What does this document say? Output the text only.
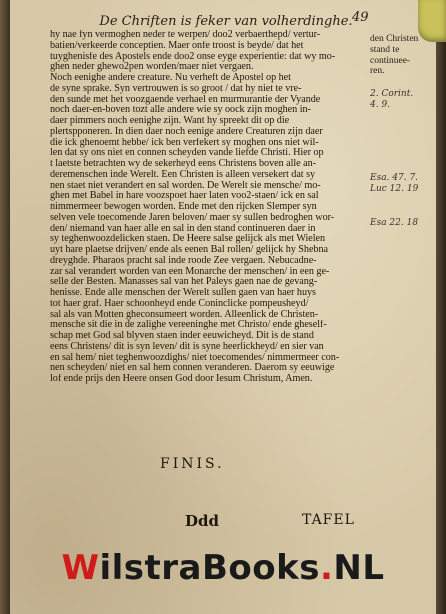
De Chriften is feker van volherdinghe. 49
hy nae fyn vermoghen neder te werpen/ doo2 verbaerthepd/ vertur-
batien/verkeerde conceptien. Maer onfe troost is beyde/ dat het
tuyghenisfe des Apostels ende doo2 onse eyge experientie: dat wy mo-
ghen neder ghewo2pen worden/maer niet vergaen.
Noch eenighe andere creature. Nu verheft de Apostel op het
de syne sprake. Syn vertrouwen is so groot / dat hy niet te vre-
den sunde met het voozgaende verhael en murmurantie der Vyande
noch daer-en-boven tozt alle andere wie sy oock zijn moghen in-
daer pimmers noch eenighe zijn. Want hy spreekt dit op die
plertspponeren. In dien daer noch eenige andere Creaturen zijn daer
die ick ghenoemt hebbe/ ick ben verfekert sy moghen ons niet wil-
len dat sy ons niet en connen scheyden vande liefde Christi. Hier op
t laetste betrachten wy de sekerheyd eens Christens boven alle an-
deremenschen inde Werelt. Een Christen is alleen versekert dat sy
nen staet niet verandert en sal worden. De Werelt sie mensche/ mo-
ghen met Babel in hare voozspoet haer laten voo2-staen/ ick en sal
nimmermeer bewogen worden. Ende met den rijcken Slemper syn
selven vele toecomende Jaren beloven/ maer sy sullen bedroghen wor-
den/ niemand van haer alle en sal in den stand continueren daer in
sy teghenwoozdelicken staen. De Heere salse gelijck als met Wielen
uyt hare plaetse drijven/ ende als eenen Bal rollen/ gelijck hy Shebna
dreyghde. Pharaos pracht sal inde roode Zee vergaen. Nebucadne-
zar sal verandert worden van een Monarche der menschen/ in een ge-
selle der Besten. Manasses sal van het Paleys gaen nae de gevang-
henisse. Ende alle menschen der Werelt sullen gaen van haer huys
tot haer graf. Haer schoonheyd ende Coninclicke pompeusheyd/
sal als van Motten gheconsumeert worden. Alleenlick de Christen-
mensche sit die in de zalighe vereeninghe met Christo/ ende gheself-
schap met God sal blyven staen inder eeuwicheyd. Dit is de stand
eens Christens/ dit is syn leven/ dit is syne heerlickheyd/ en sier van
en sal hem/ niet teghenwoozdighs/ niet toecomendes/ nimmermeer con-
nen scheyden/ niet en sal hem connen veranderen. Daerom sy eeuwige
lof ende prijs den Heere onsen God door Iesum Christum, Amen.
den Christen stand te
continuee-
ren.
2. Corint.
4. 9.
Esa. 47. 7.
Luc 12. 19
Esa 22. 18
FINIS.
Ddd	TAFEL
WilstraBooks.NL
